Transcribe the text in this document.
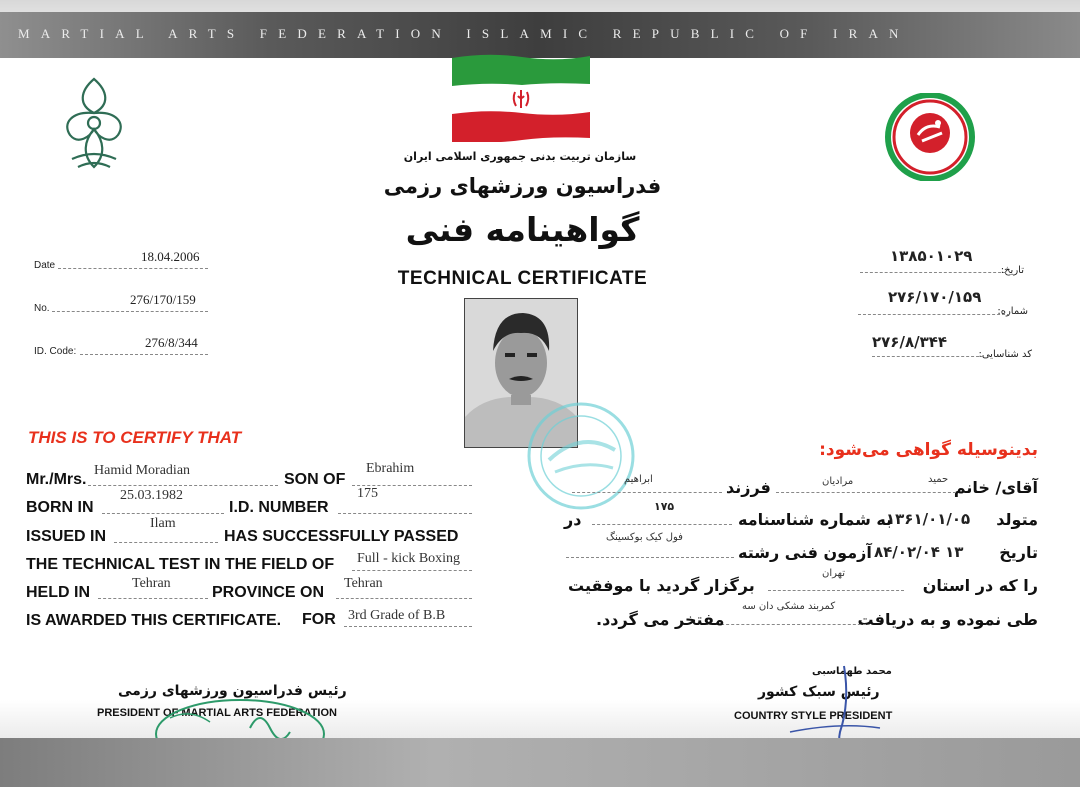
MARTIAL ARTS FEDERATION ISLAMIC REPUBLIC OF IRAN
سازمان تربیت بدنی جمهوری اسلامی ایران
فدراسیون ورزشهای رزمی
گواهینامه فنی
TECHNICAL CERTIFICATE
Date
18.04.2006
No.
276/170/159
ID. Code:
276/8/344
تاریخ:
۱۳۸۵۰۱۰۲۹
شماره:
۲۷۶/۱۷۰/۱۵۹
کد شناسایی:
۲۷۶/۸/۳۴۴
THIS IS TO CERTIFY THAT
Mr./Mrs.
Hamid Moradian
SON OF
Ebrahim
BORN IN
25.03.1982
I.D. NUMBER
175
ISSUED IN
Ilam
HAS SUCCESSFULLY PASSED
THE TECHNICAL TEST IN THE FIELD OF Full - kick Boxing
HELD IN
Tehran
PROVINCE ON
Tehran
IS AWARDED THIS CERTIFICATE. FOR 3rd Grade of B.B
بدینوسیله گواهی می‌شود:
آقای/ خانم
حمید
مرادیان
فرزند
ابراهیم
متولد
۱۳۶۱/۰۱/۰۵
به شماره شناسنامه
۱۷۵
در
تاریخ
۸۴/۰۲/۰۴ ۱۳
آزمون فنی رشته
فول کیک بوکسینگ
را که در استان
تهران
برگزار گردید با موفقیت
طی نموده و به دریافت
کمربند مشکی دان سه
مفتخر می گردد.
رئیس فدراسیون ورزشهای رزمی
PRESIDENT OF MARTIAL ARTS FEDERATION
محمد طهماسبی
رئیس سبک کشور
COUNTRY STYLE PRESIDENT
